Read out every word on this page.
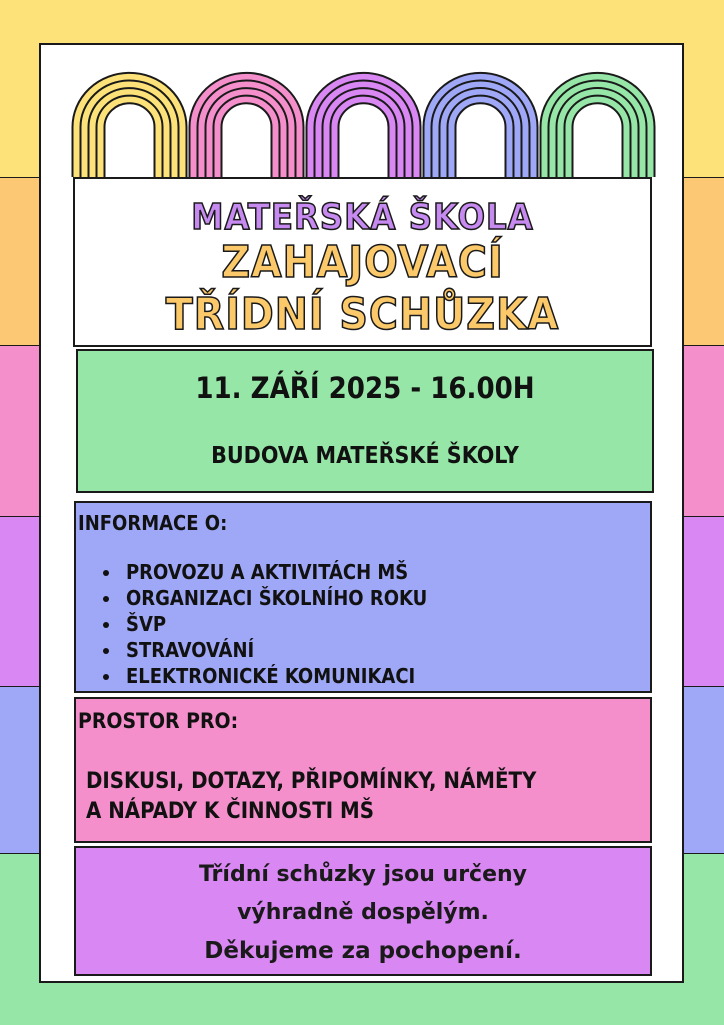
MATEŘSKÁ ŠKOLA
ZAHAJOVACÍ
TŘÍDNÍ SCHŮZKA
11. ZÁŘÍ 2025 - 16.00H
BUDOVA MATEŘSKÉ ŠKOLY
INFORMACE O:
• PROVOZU A AKTIVITÁCH MŠ
• ORGANIZACI ŠKOLNÍHO ROKU
• ŠVP
• STRAVOVÁNÍ
• ELEKTRONICKÉ KOMUNIKACI
PROSTOR PRO:
DISKUSI, DOTAZY, PŘIPOMÍNKY, NÁMĚTY
A NÁPADY K ČINNOSTI MŠ
Třídní schůzky jsou určeny
výhradně dospělým.
Děkujeme za pochopení.
